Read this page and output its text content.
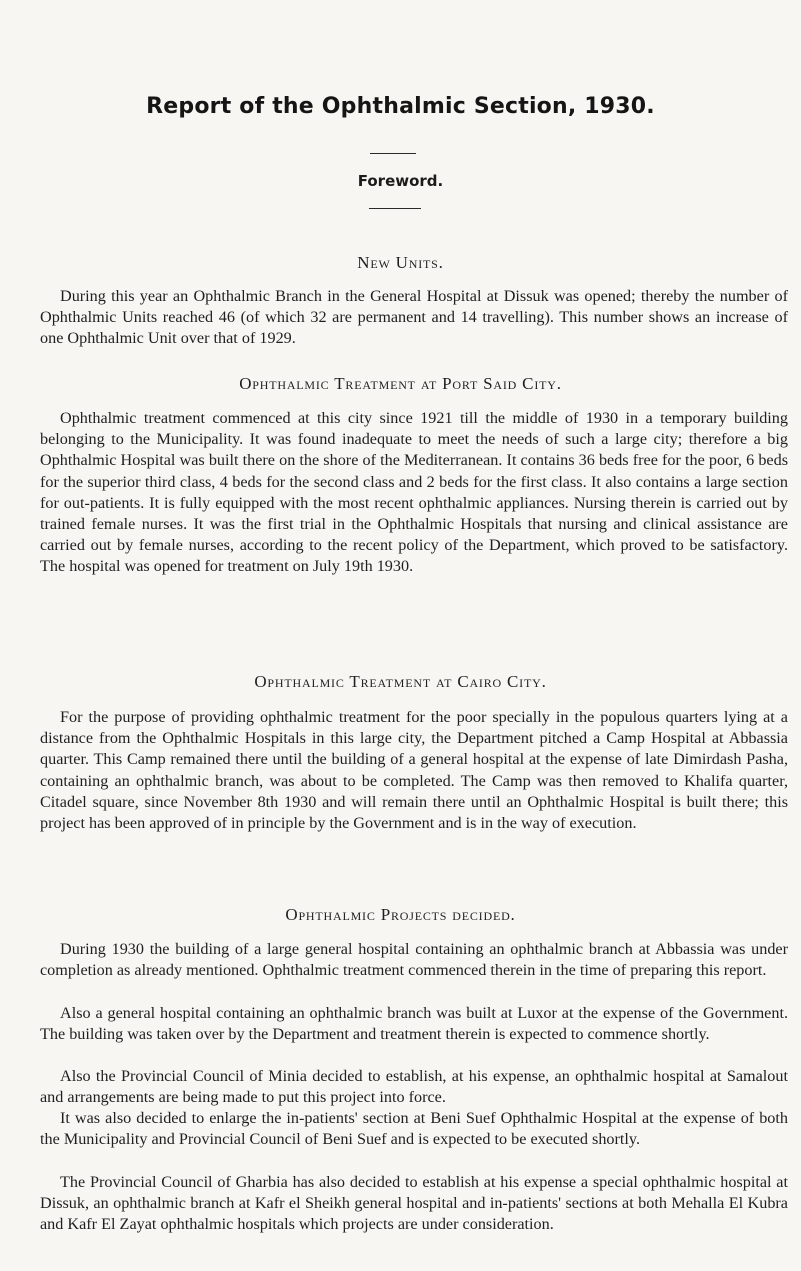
Report of the Ophthalmic Section, 1930.
Foreword.
New Units.

During this year an Ophthalmic Branch in the General Hospital at Dissuk was opened; thereby the number of Ophthalmic Units reached 46 (of which 32 are permanent and 14 travelling). This number shows an increase of one Ophthalmic Unit over that of 1929.

Ophthalmic Treatment at Port Said City.

Ophthalmic treatment commenced at this city since 1921 till the middle of 1930 in a temporary building belonging to the Municipality. It was found inadequate to meet the needs of such a large city; therefore a big Ophthalmic Hospital was built there on the shore of the Mediterranean. It contains 36 beds free for the poor, 6 beds for the superior third class, 4 beds for the second class and 2 beds for the first class. It also contains a large section for out-patients. It is fully equipped with the most recent ophthalmic appliances. Nursing therein is carried out by trained female nurses. It was the first trial in the Ophthalmic Hospitals that nursing and clinical assistance are carried out by female nurses, according to the recent policy of the Department, which proved to be satisfactory. The hospital was opened for treatment on July 19th 1930.

Ophthalmic Treatment at Cairo City.

For the purpose of providing ophthalmic treatment for the poor specially in the populous quarters lying at a distance from the Ophthalmic Hospitals in this large city, the Department pitched a Camp Hospital at Abbassia quarter. This Camp remained there until the building of a general hospital at the expense of late Dimirdash Pasha, containing an ophthalmic branch, was about to be completed. The Camp was then removed to Khalifa quarter, Citadel square, since November 8th 1930 and will remain there until an Ophthalmic Hospital is built there; this project has been approved of in principle by the Government and is in the way of execution.

Ophthalmic Projects decided.

During 1930 the building of a large general hospital containing an ophthalmic branch at Abbassia was under completion as already mentioned. Ophthalmic treatment commenced therein in the time of preparing this report.

Also a general hospital containing an ophthalmic branch was built at Luxor at the expense of the Government. The building was taken over by the Department and treatment therein is expected to commence shortly.

Also the Provincial Council of Minia decided to establish, at his expense, an ophthalmic hospital at Samalout and arrangements are being made to put this project into force.

It was also decided to enlarge the in-patients' section at Beni Suef Ophthalmic Hospital at the expense of both the Municipality and Provincial Council of Beni Suef and is expected to be executed shortly.

The Provincial Council of Gharbia has also decided to establish at his expense a special ophthalmic hospital at Dissuk, an ophthalmic branch at Kafr el Sheikh general hospital and in-patients' sections at both Mehalla El Kubra and Kafr El Zayat ophthalmic hospitals which projects are under consideration.
